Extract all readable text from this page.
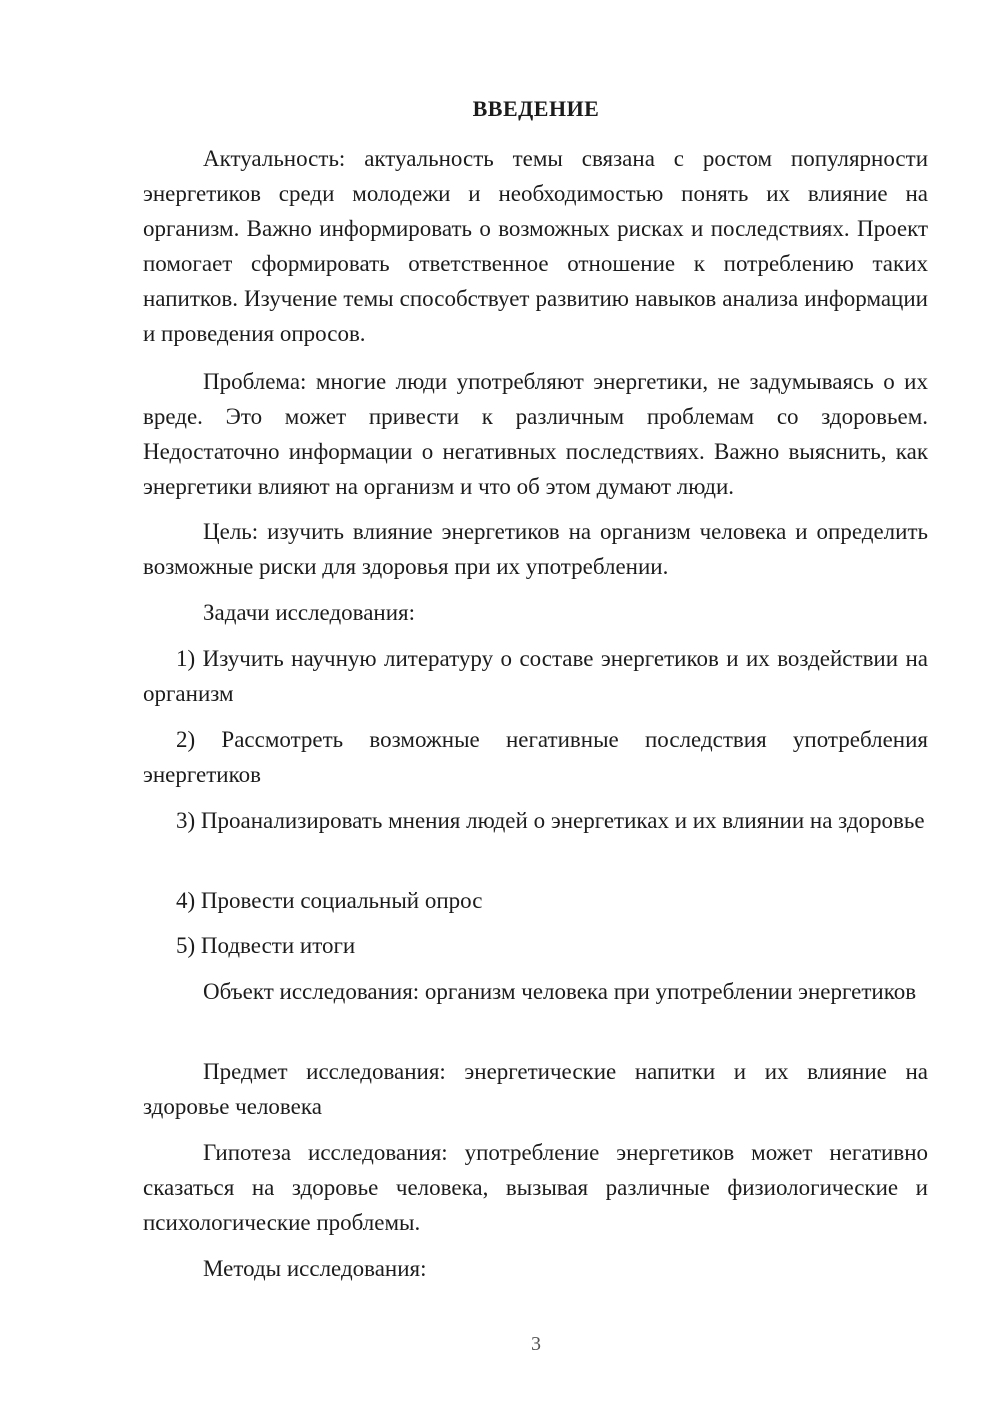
ВВЕДЕНИЕ

Актуальность: актуальность темы связана с ростом популярности энергетиков среди молодежи и необходимостью понять их влияние на организм. Важно информировать о возможных рисках и последствиях. Проект помогает сформировать ответственное отношение к потреблению таких напитков. Изучение темы способствует развитию навыков анализа информации и проведения опросов.

Проблема: многие люди употребляют энергетики, не задумываясь о их вреде. Это может привести к различным проблемам со здоровьем. Недостаточно информации о негативных последствиях. Важно выяснить, как энергетики влияют на организм и что об этом думают люди.

Цель: изучить влияние энергетиков на организм человека и определить возможные риски для здоровья при их употреблении.

Задачи исследования:

1) Изучить научную литературу о составе энергетиков и их воздействии на организм

2) Рассмотреть возможные негативные последствия употребления энергетиков

3) Проанализировать мнения людей о энергетиках и их влиянии на здоровье

4) Провести социальный опрос

5) Подвести итоги

Объект исследования: организм человека при употреблении энергетиков

Предмет исследования: энергетические напитки и их влияние на здоровье человека

Гипотеза исследования: употребление энергетиков может негативно сказаться на здоровье человека, вызывая различные физиологические и психологические проблемы.

Методы исследования:

3
